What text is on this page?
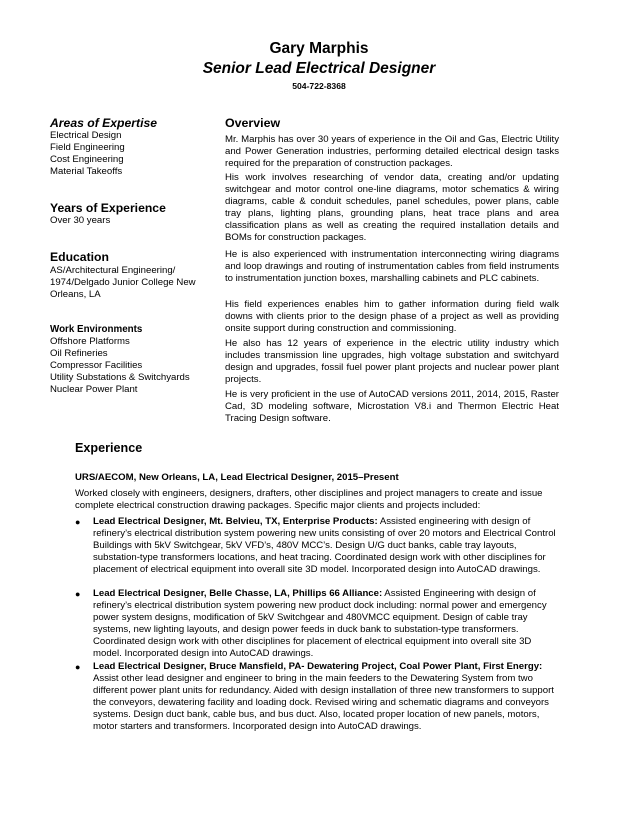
Gary Marphis
Senior Lead Electrical Designer
504-722-8368
Areas of Expertise
Electrical Design
Field Engineering
Cost Engineering
Material Takeoffs
Years of Experience
Over 30 years
Education
AS/Architectural Engineering/
1974/Delgado Junior College New
Orleans, LA
Work Environments
Offshore Platforms
Oil Refineries
Compressor Facilities
Utility Substations & Switchyards
Nuclear Power Plant
Overview
Mr. Marphis has over 30 years of experience in the Oil and Gas, Electric Utility and Power Generation industries, performing detailed electrical design tasks required for the preparation of construction packages.
His work involves researching of vendor data, creating and/or updating switchgear and motor control one-line diagrams, motor schematics & wiring diagrams, cable & conduit schedules, panel schedules, power plans, cable tray plans, lighting plans, grounding plans, heat trace plans and area classification plans as well as creating the required installation details and BOMs for construction packages.
He is also experienced with instrumentation interconnecting wiring diagrams and loop drawings and routing of instrumentation cables from field instruments to instrumentation junction boxes, marshalling cabinets and PLC cabinets.
His field experiences enables him to gather information during field walk downs with clients prior to the design phase of a project as well as providing onsite support during construction and commissioning.
He also has 12 years of experience in the electric utility industry which includes transmission line upgrades, high voltage substation and switchyard design and upgrades, fossil fuel power plant projects and nuclear power plant projects.
He is very proficient in the use of AutoCAD versions 2011, 2014, 2015, Raster Cad, 3D modeling software, Microstation V8.i and Thermon Electric Heat Tracing Design software.
Experience
URS/AECOM, New Orleans, LA, Lead Electrical Designer, 2015–Present
Worked closely with engineers, designers, drafters, other disciplines and project managers to create and issue complete electrical construction drawing packages. Specific major clients and projects included:
● Lead Electrical Designer, Mt. Belvieu, TX, Enterprise Products: Assisted engineering with design of refinery’s electrical distribution system powering new units consisting of over 20 motors and Electrical Control Buildings with 5kV Switchgear, 5kV VFD’s, 480V MCC’s. Design U/G duct banks, cable tray layouts, substation-type transformers locations, and heat tracing. Coordinated design work with other disciplines for placement of electrical equipment into overall site 3D model. Incorporated design into AutoCAD drawings.
● Lead Electrical Designer, Belle Chasse, LA, Phillips 66 Alliance: Assisted Engineering with design of refinery’s electrical distribution system powering new product dock including: normal power and emergency power system designs, modification of 5kV Switchgear and 480VMCC equipment. Design of cable tray systems, new lighting layouts, and design power feeds in duck bank to substation-type transformers. Coordinated design work with other disciplines for placement of electrical equipment into overall site 3D model. Incorporated design into AutoCAD drawings.
● Lead Electrical Designer, Bruce Mansfield, PA- Dewatering Project, Coal Power Plant, First Energy: Assist other lead designer and engineer to bring in the main feeders to the Dewatering System from two different power plant units for redundancy. Aided with design installation of three new transformers to support the conveyors, dewatering facility and loading dock. Revised wiring and schematic diagrams and conveyors systems. Design duct bank, cable bus, and bus duct. Also, located proper location of new panels, motors, motor starters and transformers. Incorporated design into AutoCAD drawings.
